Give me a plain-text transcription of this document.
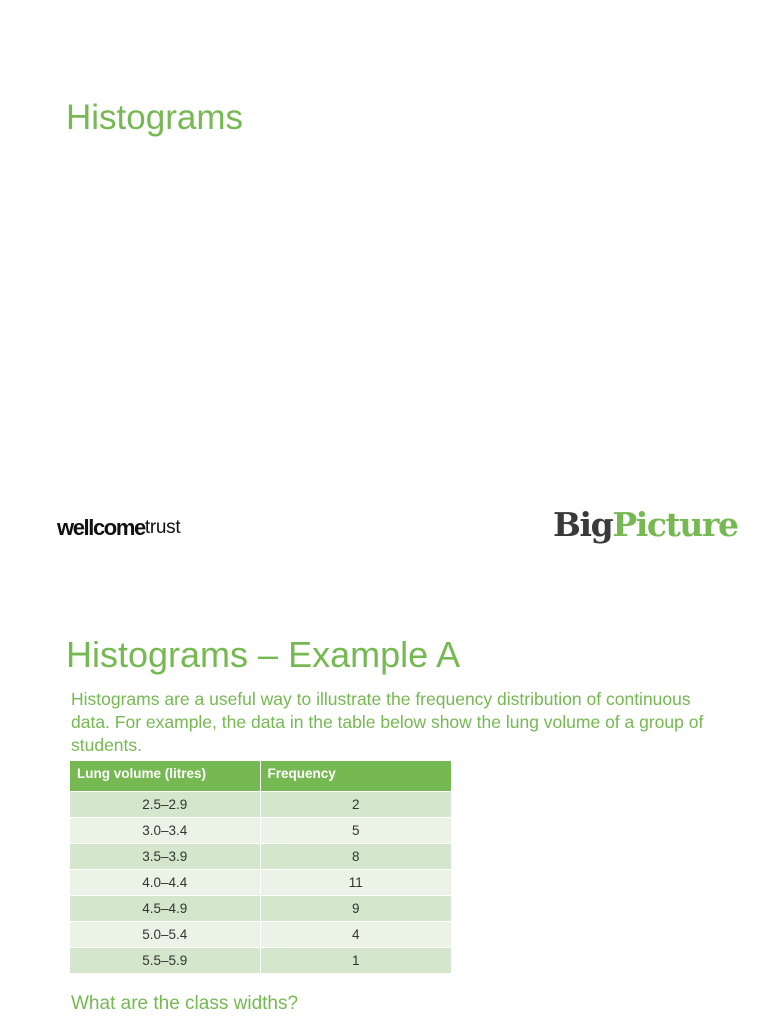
Histograms
wellcometrust	BigPicture
Histograms – Example A

Histograms are a useful way to illustrate the frequency distribution of continuous data. For example, the data in the table below show the lung volume of a group of students.

Lung volume (litres)	Frequency
2.5–2.9	2
3.0–3.4	5
3.5–3.9	8
4.0–4.4	11
4.5–4.9	9
5.0–5.4	4
5.5–5.9	1

What are the class widths?
